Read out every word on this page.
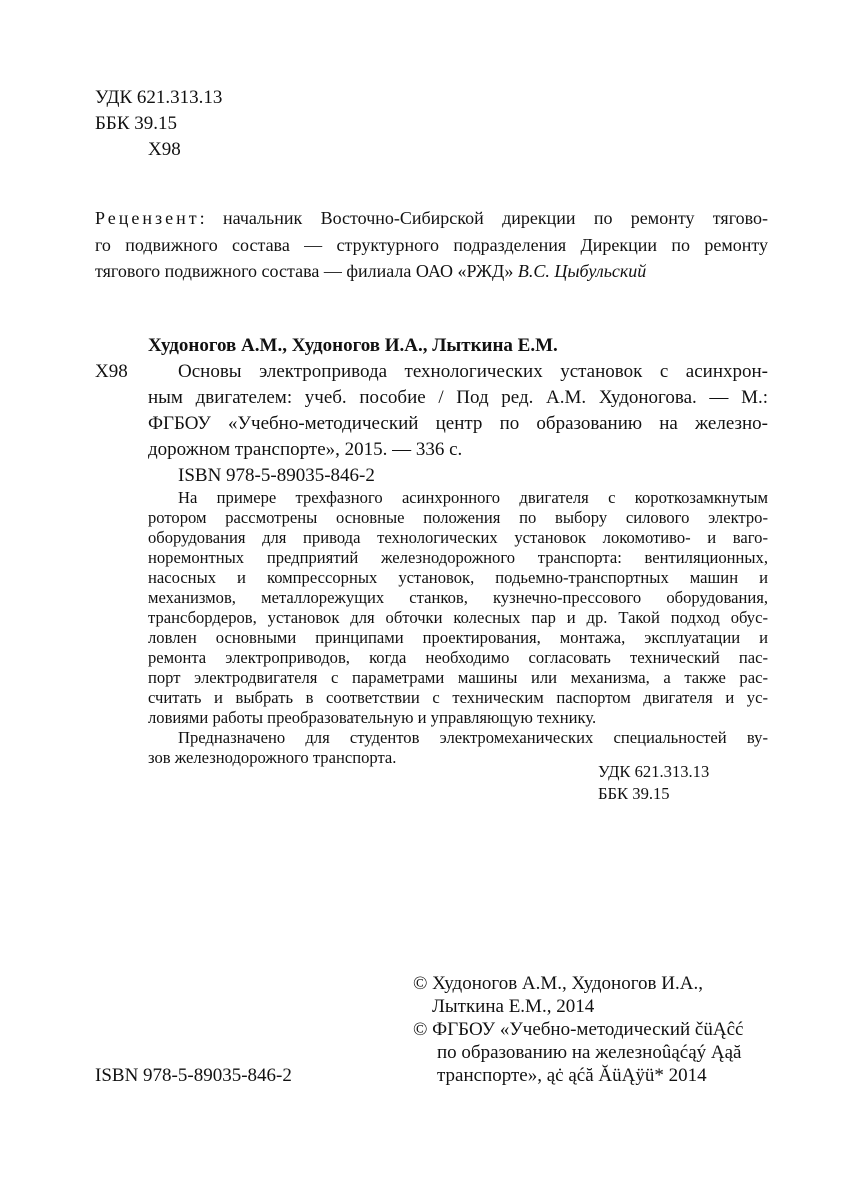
УДК 621.313.13
ББК 39.15
Х98
Рецензент: начальник Восточно-Сибирской дирекции по ремонту тягово-
го подвижного состава — структурного подразделения Дирекции по ремонту
тягового подвижного состава — филиала ОАО «РЖД» В.С. Цыбульский
Худоногов А.М., Худоногов И.А., Лыткина Е.М.
Х98	Основы электропривода технологических установок с асинхрон-
ным двигателем: учеб. пособие / Под ред. А.М. Худоногова. — М.:
ФГБОУ «Учебно-методический центр по образованию на железно-
дорожном транспорте», 2015. — 336 с.
ISBN 978-5-89035-846-2
На примере трехфазного асинхронного двигателя с короткозамкнутым
ротором рассмотрены основные положения по выбору силового электро-
оборудования для привода технологических установок локомотиво- и ваго-
норемонтных предприятий железнодорожного транспорта: вентиляционных,
насосных и компрессорных установок, подьемно-транспортных машин и
механизмов, металлорежущих станков, кузнечно-прессового оборудования,
трансбордеров, установок для обточки колесных пар и др. Такой подход обус-
ловлен основными принципами проектирования, монтажа, эксплуатации и
ремонта электроприводов, когда необходимо согласовать технический пас-
порт электродвигателя с параметрами машины или механизма, а также рас-
считать и выбрать в соответствии с техническим паспортом двигателя и ус-
ловиями работы преобразовательную и управляющую технику.
Предназначено для студентов электромеханических специальностей ву-
зов железнодорожного транспорта.
УДК 621.313.13
ББК 39.15
© Худоногов А.М., Худоногов И.А.,
Лыткина Е.М., 2014
© ФГБОУ «Учебно-методический čüĄĉć
по образованию на железноûąćąý Ąąă
транспорте», ąċ ąćă ĂüĄÿü* 2014
ISBN 978-5-89035-846-2
